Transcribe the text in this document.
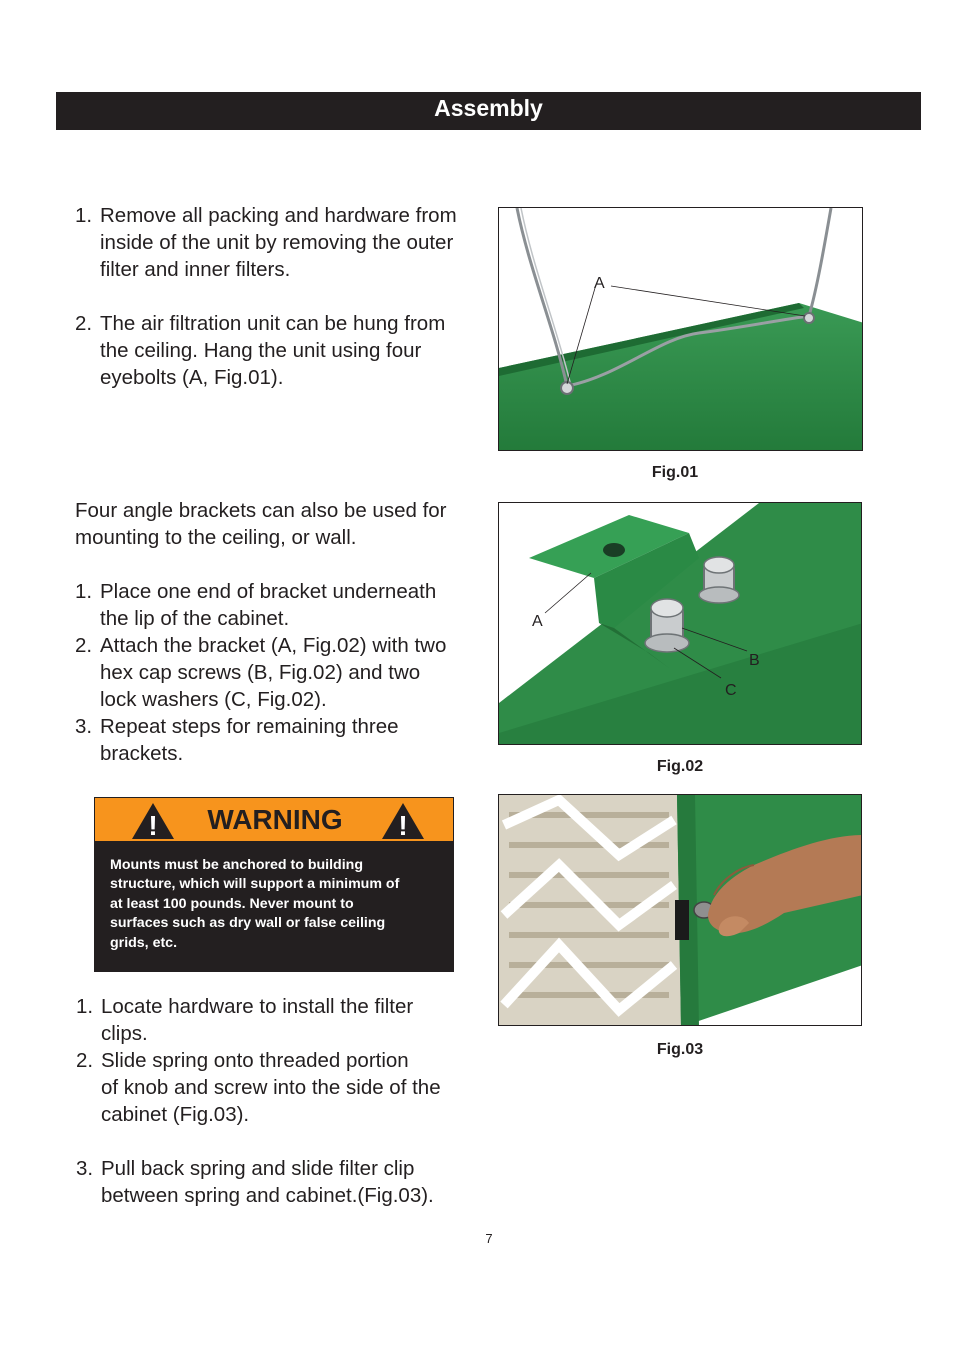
Assembly
1. Remove all packing and hardware from
inside of the unit by removing the outer
filter and inner filters.
2. The air filtration unit can be hung from
the ceiling. Hang the unit using four
eyebolts (A, Fig.01).
A
Fig.01
Four angle brackets can also be used for
mounting to the ceiling, or wall.
1. Place one end of bracket underneath
the lip of the cabinet.
2. Attach the bracket (A, Fig.02) with two
hex cap screws (B, Fig.02) and two
lock washers (C, Fig.02).
3. Repeat steps for remaining three
brackets.
A
B
C
Fig.02
!	WARNING	!
Mounts must be anchored to building
structure, which will support a minimum of
at least 100 pounds. Never mount to
surfaces such as dry wall or false ceiling
grids, etc.
Fig.03
1. Locate hardware to install the filter
clips.
2. Slide spring onto threaded portion
of knob and screw into the side of the
cabinet (Fig.03).
3. Pull back spring and slide filter clip
between spring and cabinet.(Fig.03).
7
